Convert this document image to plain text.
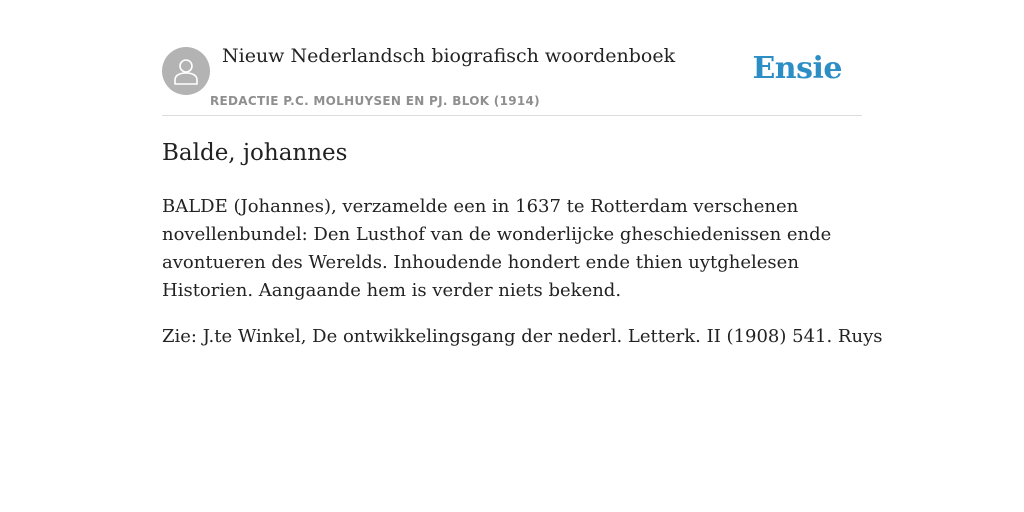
Nieuw Nederlandsch biografisch woordenboek
REDACTIE P.C. MOLHUYSEN EN PJ. BLOK (1914)
Ensie
Balde, johannes

BALDE (Johannes), verzamelde een in 1637 te Rotterdam verschenen novellenbundel: Den Lusthof van de wonderlijcke gheschiedenissen ende avontueren des Werelds. Inhoudende hondert ende thien uytghelesen Historien. Aangaande hem is verder niets bekend.

Zie: J.te Winkel, De ontwikkelingsgang der nederl. Letterk. II (1908) 541. Ruys
